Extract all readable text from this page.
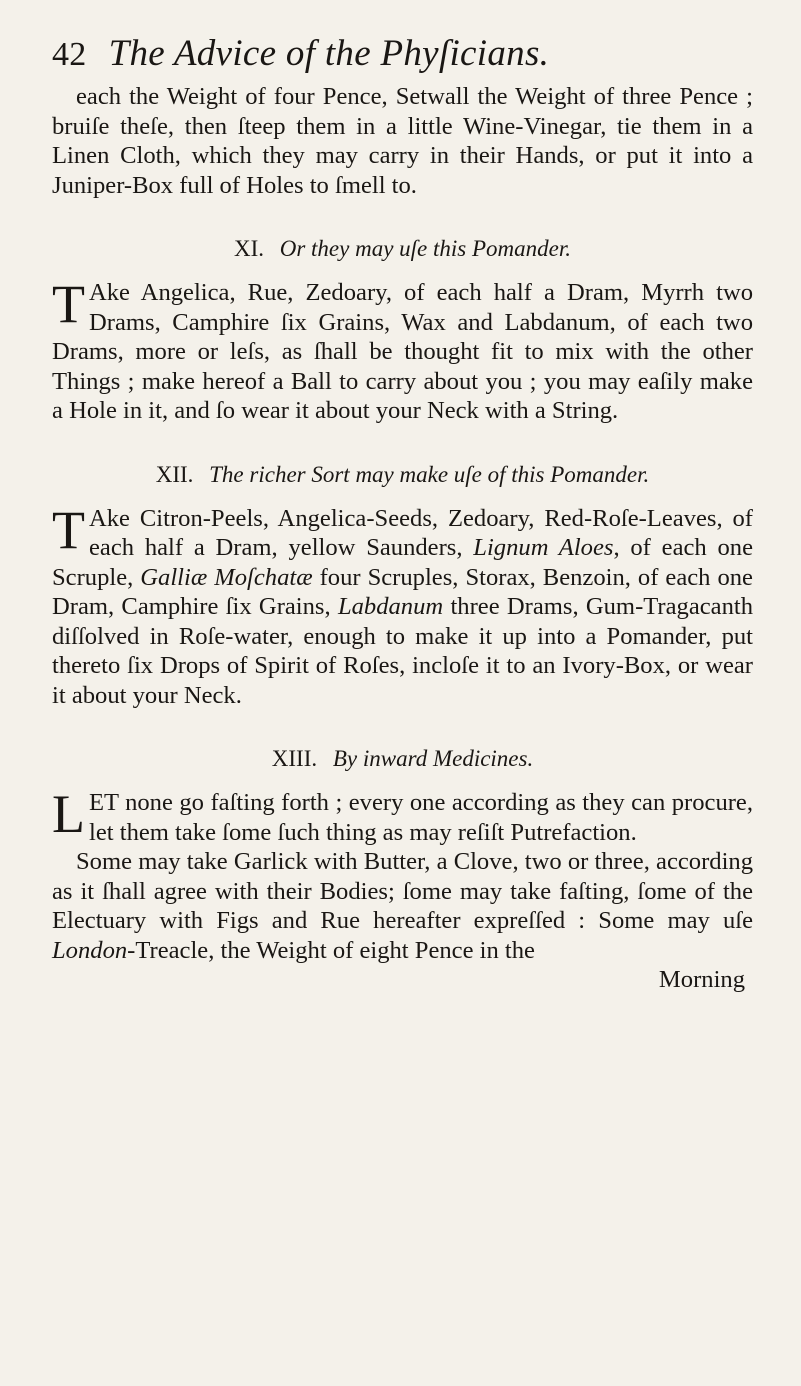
42 The Advice of the Phyſicians.

each the Weight of four Pence, Setwall the Weight of three Pence ; bruiſe theſe, then ſteep them in a little Wine-Vinegar, tie them in a Linen Cloth, which they may carry in their Hands, or put it into a Juniper-Box full of Holes to ſmell to.

XI. Or they may uſe this Pomander.

T Ake Angelica, Rue, Zedoary, of each half a Dram, Myrrh two Drams, Camphire ſix Grains, Wax and Labdanum, of each two Drams, more or leſs, as ſhall be thought fit to mix with the other Things ; make hereof a Ball to carry about you ; you may eaſily make a Hole in it, and ſo wear it about your Neck with a String.

XII. The richer Sort may make uſe of this Pomander.

T Ake Citron-Peels, Angelica-Seeds, Zedoary, Red-Roſe-Leaves, of each half a Dram, yellow Saunders, Lignum Aloes, of each one Scruple, Galliæ Moſchatæ four Scruples, Storax, Benzoin, of each one Dram, Camphire ſix Grains, Labdanum three Drams, Gum-Tragacanth diſſolved in Roſe-water, enough to make it up into a Pomander, put thereto ſix Drops of Spirit of Roſes, incloſe it to an Ivory-Box, or wear it about your Neck.

XIII. By inward Medicines.

L ET none go faſting forth ; every one according as they can procure, let them take ſome ſuch thing as may reſiſt Putrefaction.

Some may take Garlick with Butter, a Clove, two or three, according as it ſhall agree with their Bodies; ſome may take faſting, ſome of the Electuary with Figs and Rue hereafter expreſſed : Some may uſe London-Treacle, the Weight of eight Pence in the

Morning
